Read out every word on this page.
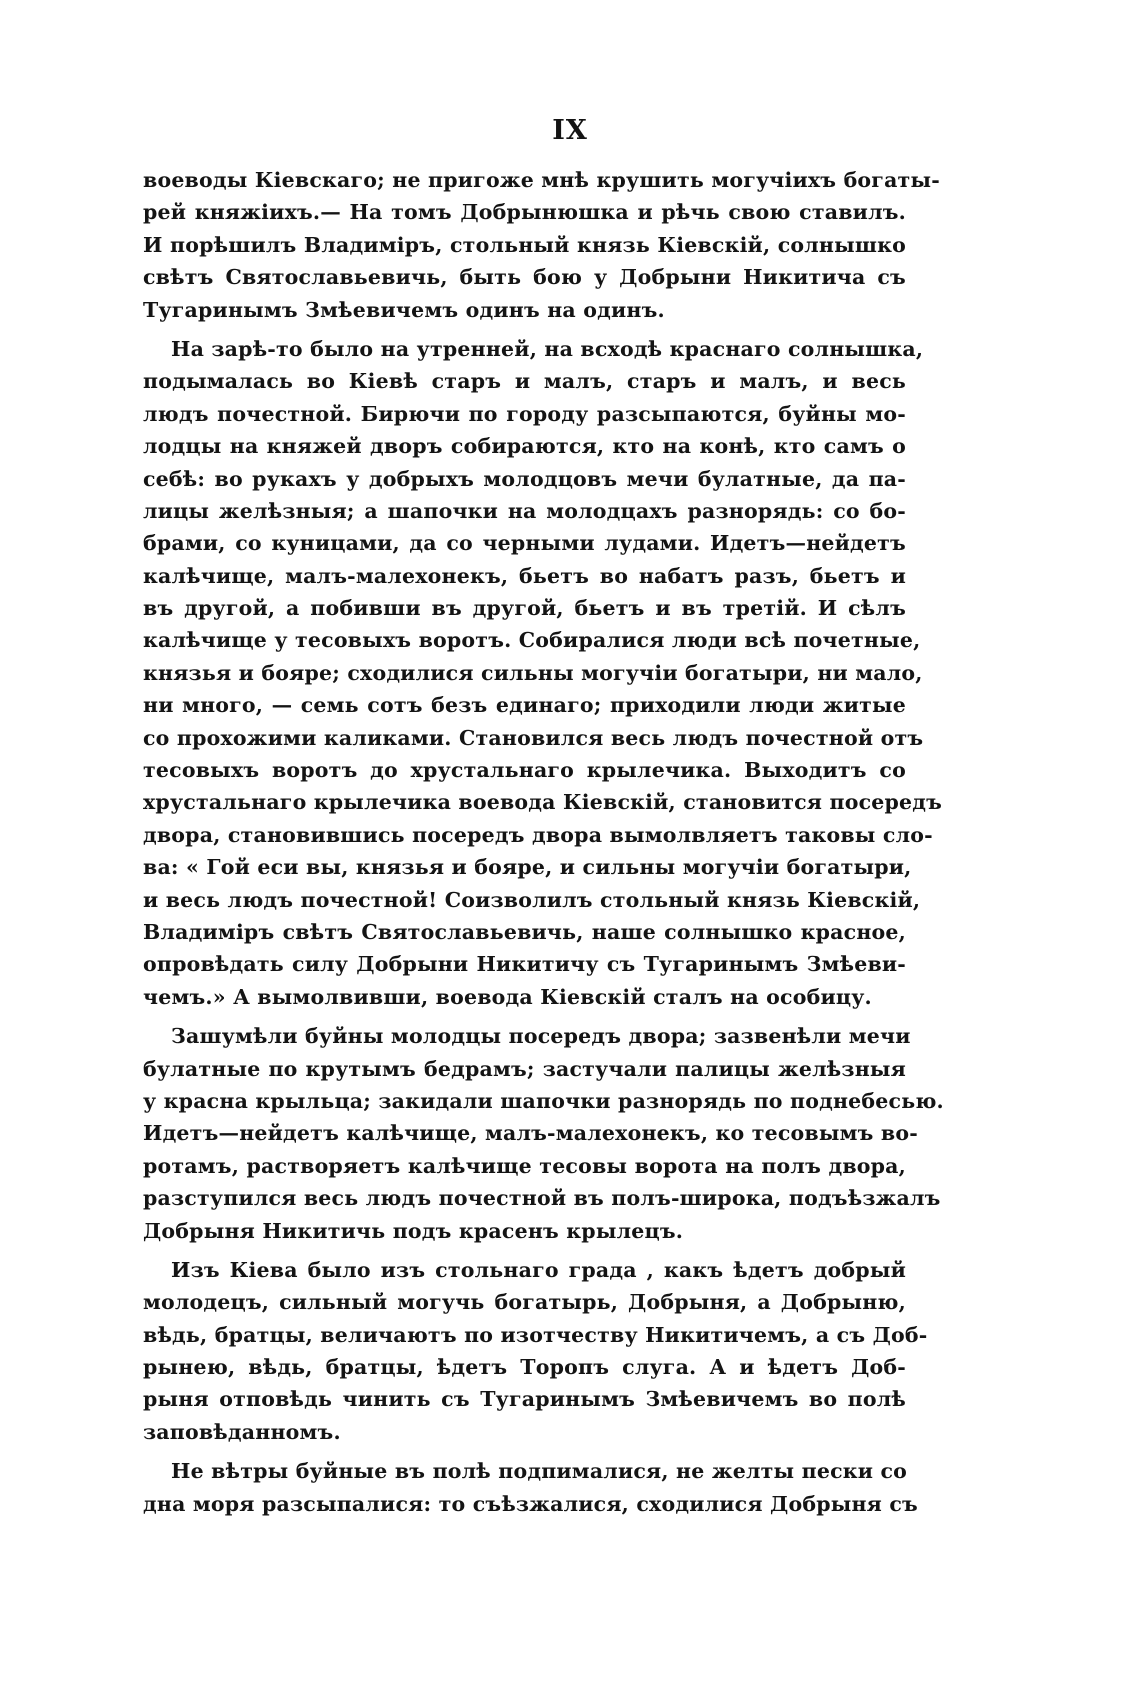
IX
воеводы Кіевскаго; не пригоже мнѣ крушить могучіихъ богаты-
рей княжіихъ.— На томъ Добрынюшка и рѣчь свою ставилъ.
И порѣшилъ Владиміръ, стольный князь Кіевскій, солнышко
свѣтъ Святославьевичь, быть бою у Добрыни Никитича съ
Тугаринымъ Змѣевичемъ одинъ на одинъ.
На зарѣ-то было на утренней, на всходѣ краснаго солнышка,
подымалась во Кіевѣ старъ и малъ, старъ и малъ, и весь
людъ почестной. Бирючи по городу разсыпаются, буйны мо-
лодцы на княжей дворъ собираются, кто на конѣ, кто самъ о
себѣ: во рукахъ у добрыхъ молодцовъ мечи булатные, да па-
лицы желѣзныя; а шапочки на молодцахъ разнорядь: со бо-
брами, со куницами, да со черными лудами. Идетъ—нейдетъ
калѣчище, малъ-малехонекъ, бьетъ во набатъ разъ, бьетъ и
въ другой, а побивши въ другой, бьетъ и въ третій. И сѣлъ
калѣчище у тесовыхъ воротъ. Собиралися люди всѣ почетные,
князья и бояре; сходилися сильны могучіи богатыри, ни мало,
ни много, — семь сотъ безъ единаго; приходили люди житые
со прохожими каликами. Становился весь людъ почестной отъ
тесовыхъ воротъ до хрустальнаго крылечика. Выходитъ со
хрустальнаго крылечика воевода Кіевскій, становится посередъ
двора, становившись посередъ двора вымолвляетъ таковы сло-
ва: « Гой еси вы, князья и бояре, и сильны могучіи богатыри,
и весь людъ почестной! Соизволилъ стольный князь Кіевскій,
Владиміръ свѣтъ Святославьевичь, наше солнышко красное,
опровѣдать силу Добрыни Никитичу съ Тугаринымъ Змѣеви-
чемъ.» А вымолвивши, воевода Кіевскій сталъ на особицу.
Зашумѣли буйны молодцы посередъ двора; зазвенѣли мечи
булатные по крутымъ бедрамъ; застучали палицы желѣзныя
у красна крыльца; закидали шапочки разнорядь по поднебесью.
Идетъ—нейдетъ калѣчище, малъ-малехонекъ, ко тесовымъ во-
ротамъ, растворяетъ калѣчище тесовы ворота на полъ двора,
разступился весь людъ почестной въ полъ-широка, подъѣзжалъ
Добрыня Никитичь подъ красенъ крылецъ.
Изъ Кіева было изъ стольнаго града , какъ ѣдетъ добрый
молодецъ, сильный могучь богатырь, Добрыня, а Добрыню,
вѣдь, братцы, величаютъ по изотчеству Никитичемъ, а съ Доб-
рынею, вѣдь, братцы, ѣдетъ Торопъ слуга. А и ѣдетъ Доб-
рыня отповѣдь чинить съ Тугаринымъ Змѣевичемъ во полѣ
заповѣданномъ.
Не вѣтры буйные въ полѣ подпималися, не желты пески со
дна моря разсыпалися: то съѣзжалися, сходилися Добрыня съ
